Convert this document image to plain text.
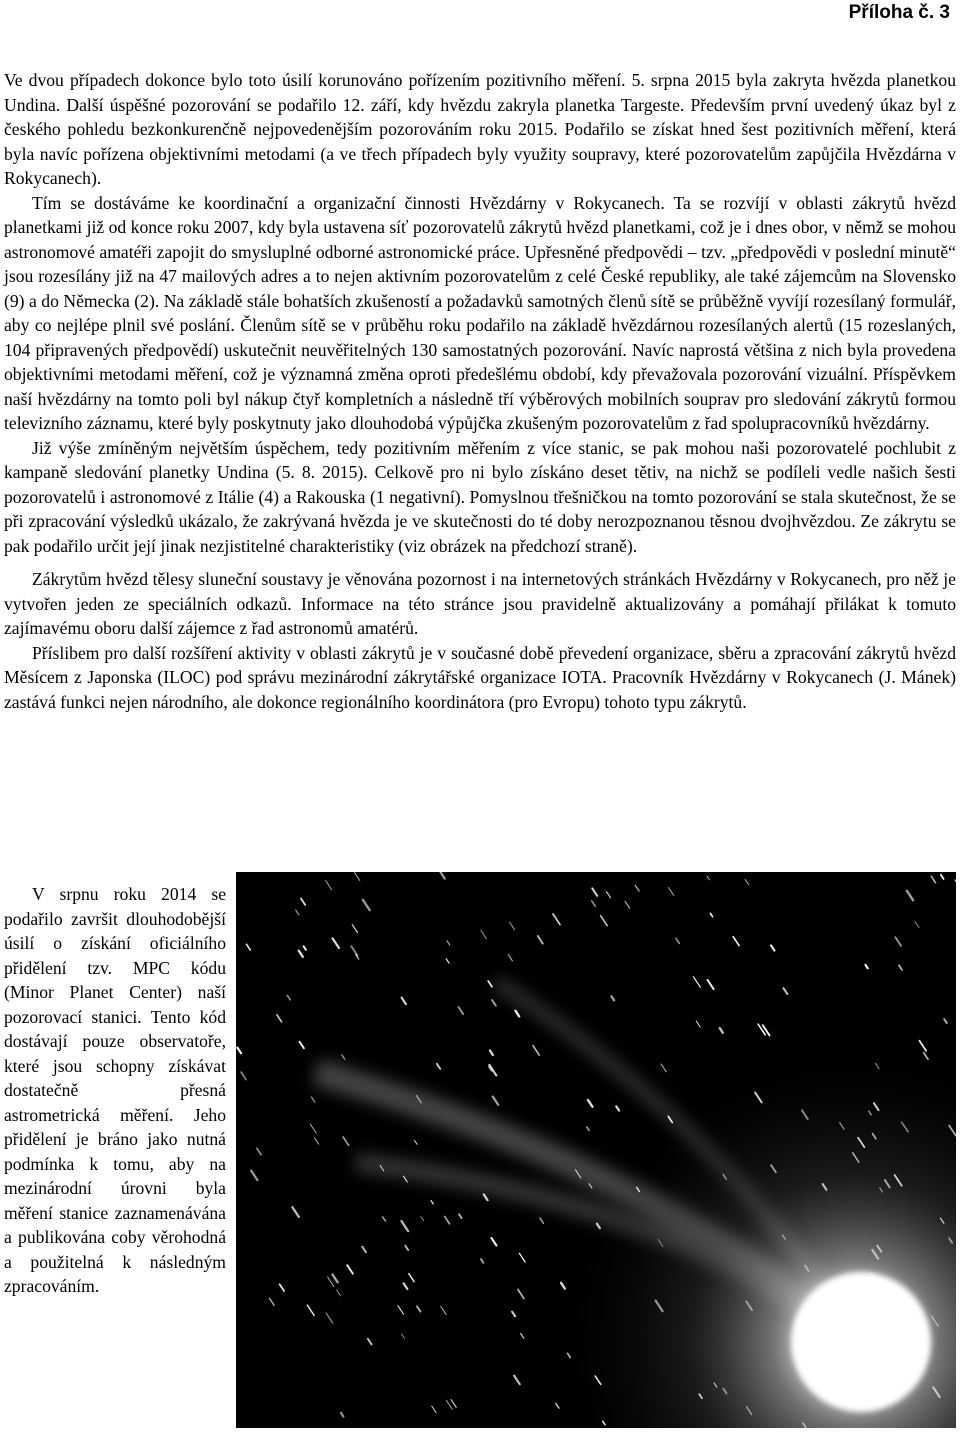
Příloha č. 3

Ve dvou případech dokonce bylo toto úsilí korunováno pořízením pozitivního měření. 5. srpna 2015 byla zakryta hvězda planetkou Undina. Další úspěšné pozorování se podařilo 12. září, kdy hvězdu zakryla planetka Targeste. Především první uvedený úkaz byl z českého pohledu bezkonkurenčně nejpovedenějším pozorováním roku 2015. Podařilo se získat hned šest pozitivních měření, která byla navíc pořízena objektivními metodami (a ve třech případech byly využity soupravy, které pozorovatelům zapůjčila Hvězdárna v Rokycanech).

Tím se dostáváme ke koordinační a organizační činnosti Hvězdárny v Rokycanech. Ta se rozvíjí v oblasti zákrytů hvězd planetkami již od konce roku 2007, kdy byla ustavena síť pozorovatelů zákrytů hvězd planetkami, což je i dnes obor, v němž se mohou astronomové amatéři zapojit do smysluplné odborné astronomické práce. Upřesněné předpovědi – tzv. „předpovědi v poslední minutě“ jsou rozesílány již na 47 mailových adres a to nejen aktivním pozorovatelům z celé České republiky, ale také zájemcům na Slovensko (9) a do Německa (2). Na základě stále bohatších zkušeností a požadavků samotných členů sítě se průběžně vyvíjí rozesílaný formulář, aby co nejlépe plnil své poslání. Členům sítě se v průběhu roku podařilo na základě hvězdárnou rozesílaných alertů (15 rozeslaných, 104 připravených předpovědí) uskutečnit neuvěřitelných 130 samostatných pozorování. Navíc naprostá většina z nich byla provedena objektivními metodami měření, což je významná změna oproti předešlému období, kdy převažovala pozorování vizuální. Příspěvkem naší hvězdárny na tomto poli byl nákup čtyř kompletních a následně tří výběrových mobilních souprav pro sledování zákrytů formou televizního záznamu, které byly poskytnuty jako dlouhodobá výpůjčka zkušeným pozorovatelům z řad spolupracovníků hvězdárny.

Již výše zmíněným největším úspěchem, tedy pozitivním měřením z více stanic, se pak mohou naši pozorovatelé pochlubit z kampaně sledování planetky Undina (5. 8. 2015). Celkově pro ni bylo získáno deset tětiv, na nichž se podíleli vedle našich šesti pozorovatelů i astronomové z Itálie (4) a Rakouska (1 negativní). Pomyslnou třešničkou na tomto pozorování se stala skutečnost, že se při zpracování výsledků ukázalo, že zakrývaná hvězda je ve skutečnosti do té doby nerozpoznanou těsnou dvojhvězdou. Ze zákrytu se pak podařilo určit její jinak nezjistitelné charakteristiky (viz obrázek na předchozí straně).

Zákrytům hvězd tělesy sluneční soustavy je věnována pozornost i na internetových stránkách Hvězdárny v Rokycanech, pro něž je vytvořen jeden ze speciálních odkazů. Informace na této stránce jsou pravidelně aktualizovány a pomáhají přilákat k tomuto zajímavému oboru další zájemce z řad astronomů amatérů.

Příslibem pro další rozšíření aktivity v oblasti zákrytů je v současné době převedení organizace, sběru a zpracování zákrytů hvězd Měsícem z Japonska (ILOC) pod správu mezinárodní zákrytářské organizace IOTA. Pracovník Hvězdárny v Rokycanech (J. Mánek) zastává funkci nejen národního, ale dokonce regionálního koordinátora (pro Evropu) tohoto typu zákrytů.

V srpnu roku 2014 se podařilo završit dlouhodobější úsilí o získání oficiálního přidělení tzv. MPC kódu (Minor Planet Center) naší pozorovací stanici. Tento kód dostávají pouze observatoře, které jsou schopny získávat dostatečně přesná astrometrická měření. Jeho přidělení je bráno jako nutná podmínka k tomu, aby na mezinárodní úrovni byla měření stanice zaznamenávána a publikována coby věrohodná a použitelná k následným zpracováním.
